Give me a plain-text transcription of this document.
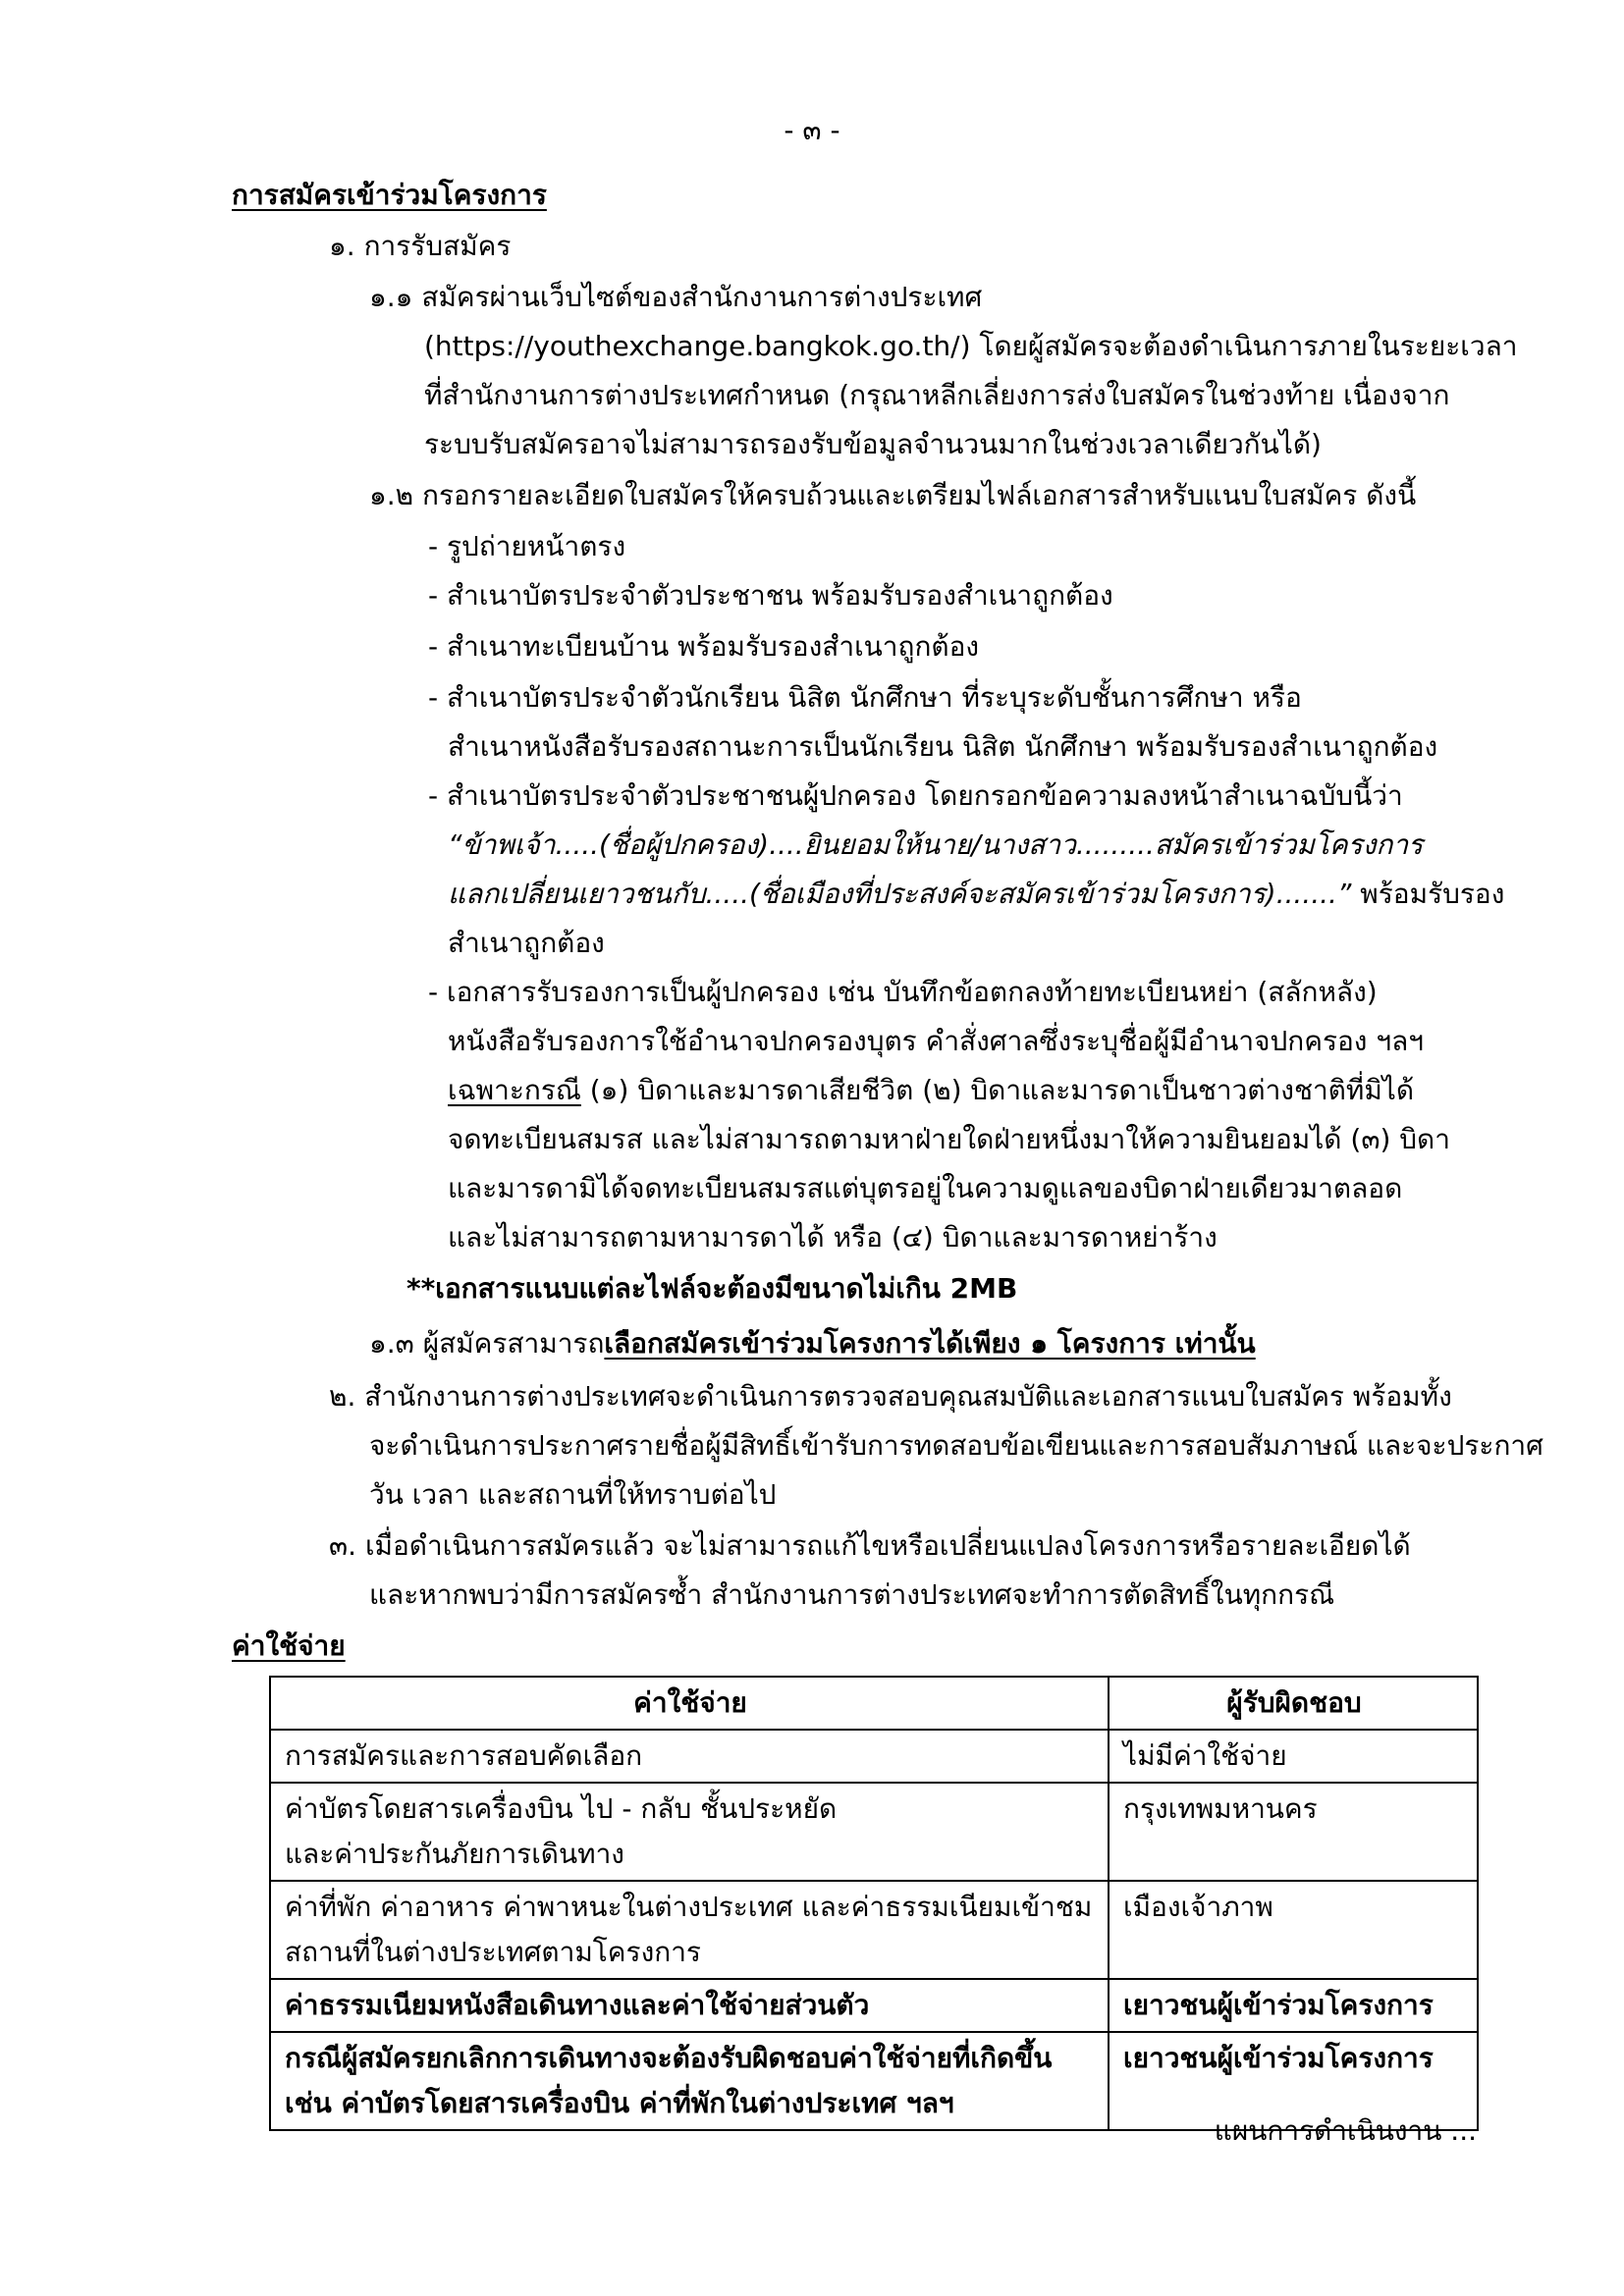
- ๓ -
การสมัครเข้าร่วมโครงการ
๑. การรับสมัคร
๑.๑ สมัครผ่านเว็บไซต์ของสำนักงานการต่างประเทศ
(https://youthexchange.bangkok.go.th/) โดยผู้สมัครจะต้องดำเนินการภายในระยะเวลา
ที่สำนักงานการต่างประเทศกำหนด (กรุณาหลีกเลี่ยงการส่งใบสมัครในช่วงท้าย เนื่องจาก
ระบบรับสมัครอาจไม่สามารถรองรับข้อมูลจำนวนมากในช่วงเวลาเดียวกันได้)
๑.๒ กรอกรายละเอียดใบสมัครให้ครบถ้วนและเตรียมไฟล์เอกสารสำหรับแนบใบสมัคร ดังนี้
- รูปถ่ายหน้าตรง
- สำเนาบัตรประจำตัวประชาชน พร้อมรับรองสำเนาถูกต้อง
- สำเนาทะเบียนบ้าน พร้อมรับรองสำเนาถูกต้อง
- สำเนาบัตรประจำตัวนักเรียน นิสิต นักศึกษา ที่ระบุระดับชั้นการศึกษา หรือ
สำเนาหนังสือรับรองสถานะการเป็นนักเรียน นิสิต นักศึกษา พร้อมรับรองสำเนาถูกต้อง
- สำเนาบัตรประจำตัวประชาชนผู้ปกครอง โดยกรอกข้อความลงหน้าสำเนาฉบับนี้ว่า
“ข้าพเจ้า.....(ชื่อผู้ปกครอง)....ยินยอมให้นาย/นางสาว.........สมัครเข้าร่วมโครงการ
แลกเปลี่ยนเยาวชนกับ.....(ชื่อเมืองที่ประสงค์จะสมัครเข้าร่วมโครงการ).......” พร้อมรับรอง
สำเนาถูกต้อง
- เอกสารรับรองการเป็นผู้ปกครอง เช่น บันทึกข้อตกลงท้ายทะเบียนหย่า (สลักหลัง)
หนังสือรับรองการใช้อำนาจปกครองบุตร คำสั่งศาลซึ่งระบุชื่อผู้มีอำนาจปกครอง ฯลฯ
เฉพาะกรณี (๑) บิดาและมารดาเสียชีวิต (๒) บิดาและมารดาเป็นชาวต่างชาติที่มิได้
จดทะเบียนสมรส และไม่สามารถตามหาฝ่ายใดฝ่ายหนึ่งมาให้ความยินยอมได้ (๓) บิดา
และมารดามิได้จดทะเบียนสมรสแต่บุตรอยู่ในความดูแลของบิดาฝ่ายเดียวมาตลอด
และไม่สามารถตามหามารดาได้ หรือ (๔) บิดาและมารดาหย่าร้าง
**เอกสารแนบแต่ละไฟล์จะต้องมีขนาดไม่เกิน 2MB
๑.๓ ผู้สมัครสามารถเลือกสมัครเข้าร่วมโครงการได้เพียง ๑ โครงการ เท่านั้น
๒. สำนักงานการต่างประเทศจะดำเนินการตรวจสอบคุณสมบัติและเอกสารแนบใบสมัคร พร้อมทั้ง
จะดำเนินการประกาศรายชื่อผู้มีสิทธิ์เข้ารับการทดสอบข้อเขียนและการสอบสัมภาษณ์ และจะประกาศ
วัน เวลา และสถานที่ให้ทราบต่อไป
๓. เมื่อดำเนินการสมัครแล้ว จะไม่สามารถแก้ไขหรือเปลี่ยนแปลงโครงการหรือรายละเอียดได้
และหากพบว่ามีการสมัครซ้ำ สำนักงานการต่างประเทศจะทำการตัดสิทธิ์ในทุกกรณี
ค่าใช้จ่าย
ค่าใช้จ่าย	ผู้รับผิดชอบ
การสมัครและการสอบคัดเลือก	ไม่มีค่าใช้จ่าย

ค่าบัตรโดยสารเครื่องบิน ไป - กลับ ชั้นประหยัด
และค่าประกันภัยการเดินทาง	กรุงเทพมหานคร

ค่าที่พัก ค่าอาหาร ค่าพาหนะในต่างประเทศ และค่าธรรมเนียมเข้าชม
สถานที่ในต่างประเทศตามโครงการ	เมืองเจ้าภาพ
ค่าธรรมเนียมหนังสือเดินทางและค่าใช้จ่ายส่วนตัว	เยาวชนผู้เข้าร่วมโครงการ

กรณีผู้สมัครยกเลิกการเดินทางจะต้องรับผิดชอบค่าใช้จ่ายที่เกิดขึ้น
เช่น ค่าบัตรโดยสารเครื่องบิน ค่าที่พักในต่างประเทศ ฯลฯ	เยาวชนผู้เข้าร่วมโครงการ
แผนการดำเนินงาน ...
